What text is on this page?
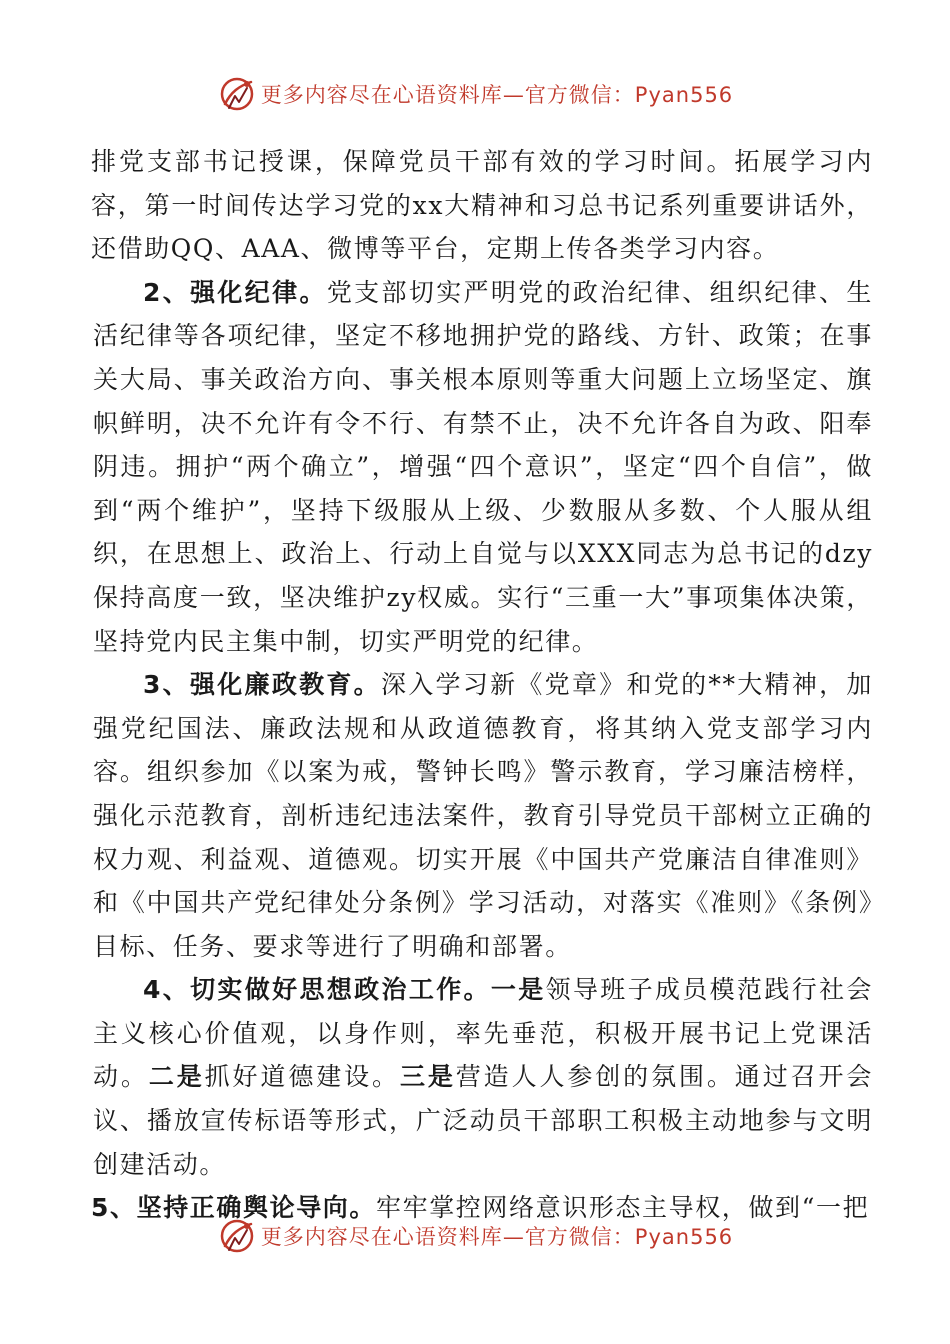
更多内容尽在心语资料库—官方微信：Pyan556

排党支部书记授课，保障党员干部有效的学习时间。拓展学习内容，第一时间传达学习党的xx大精神和习总书记系列重要讲话外，还借助QQ、AAA、微博等平台，定期上传各类学习内容。

2、强化纪律。党支部切实严明党的政治纪律、组织纪律、生活纪律等各项纪律，坚定不移地拥护党的路线、方针、政策；在事关大局、事关政治方向、事关根本原则等重大问题上立场坚定、旗帜鲜明，决不允许有令不行、有禁不止，决不允许各自为政、阳奉阴违。拥护“两个确立”，增强“四个意识”，坚定“四个自信”，做到“两个维护”，坚持下级服从上级、少数服从多数、个人服从组织，在思想上、政治上、行动上自觉与以XXX同志为总书记的dzy保持高度一致，坚决维护zy权威。实行“三重一大”事项集体决策，坚持党内民主集中制，切实严明党的纪律。

3、强化廉政教育。深入学习新《党章》和党的**大精神，加强党纪国法、廉政法规和从政道德教育，将其纳入党支部学习内容。组织参加《以案为戒，警钟长鸣》警示教育，学习廉洁榜样，强化示范教育，剖析违纪违法案件，教育引导党员干部树立正确的权力观、利益观、道德观。切实开展《中国共产党廉洁自律准则》和《中国共产党纪律处分条例》学习活动，对落实《准则》《条例》目标、任务、要求等进行了明确和部署。

4、切实做好思想政治工作。一是领导班子成员模范践行社会主义核心价值观，以身作则，率先垂范，积极开展书记上党课活动。二是抓好道德建设。三是营造人人参创的氛围。通过召开会议、播放宣传标语等形式，广泛动员干部职工积极主动地参与文明创建活动。

5、坚持正确舆论导向。牢牢掌控网络意识形态主导权，做到“一把

更多内容尽在心语资料库—官方微信：Pyan556
